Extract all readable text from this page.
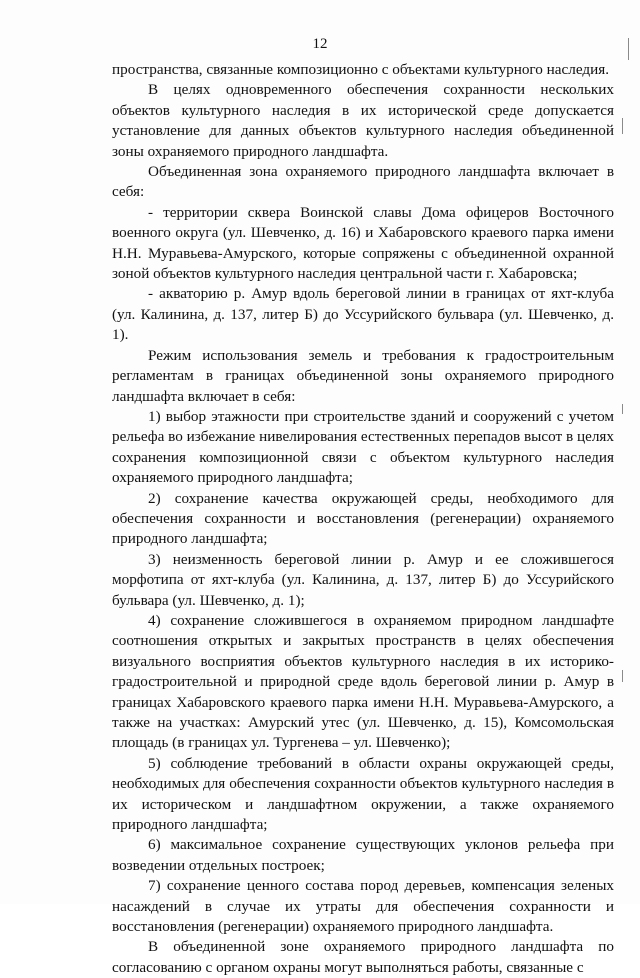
12

пространства, связанные композиционно с объектами культурного наследия.

В целях одновременного обеспечения сохранности нескольких объектов культурного наследия в их исторической среде допускается установление для данных объектов культурного наследия объединенной зоны охраняемого природного ландшафта.

Объединенная зона охраняемого природного ландшафта включает в себя:

- территории сквера Воинской славы Дома офицеров Восточного военного округа (ул. Шевченко, д. 16) и Хабаровского краевого парка имени Н.Н. Муравьева-Амурского, которые сопряжены с объединенной охранной зоной объектов культурного наследия центральной части г. Хабаровска;

- акваторию р. Амур вдоль береговой линии в границах от яхт-клуба (ул. Калинина, д. 137, литер Б) до Уссурийского бульвара (ул. Шевченко, д. 1).

Режим использования земель и требования к градостроительным регламентам в границах объединенной зоны охраняемого природного ландшафта включает в себя:

1) выбор этажности при строительстве зданий и сооружений с учетом рельефа во избежание нивелирования естественных перепадов высот в целях сохранения композиционной связи с объектом культурного наследия охраняемого природного ландшафта;

2) сохранение качества окружающей среды, необходимого для обеспечения сохранности и восстановления (регенерации) охраняемого природного ландшафта;

3) неизменность береговой линии р. Амур и ее сложившегося морфотипа от яхт-клуба (ул. Калинина, д. 137, литер Б) до Уссурийского бульвара (ул. Шевченко, д. 1);

4) сохранение сложившегося в охраняемом природном ландшафте соотношения открытых и закрытых пространств в целях обеспечения визуального восприятия объектов культурного наследия в их историко-градостроительной и природной среде вдоль береговой линии р. Амур в границах Хабаровского краевого парка имени Н.Н. Муравьева-Амурского, а также на участках: Амурский утес (ул. Шевченко, д. 15), Комсомольская площадь (в границах ул. Тургенева – ул. Шевченко);

5) соблюдение требований в области охраны окружающей среды, необходимых для обеспечения сохранности объектов культурного наследия в их историческом и ландшафтном окружении, а также охраняемого природного ландшафта;

6) максимальное сохранение существующих уклонов рельефа при возведении отдельных построек;

7) сохранение ценного состава пород деревьев, компенсация зеленых насаждений в случае их утраты для обеспечения сохранности и восстановления (регенерации) охраняемого природного ландшафта.

В объединенной зоне охраняемого природного ландшафта по согласованию с органом охраны могут выполняться работы, связанные с
